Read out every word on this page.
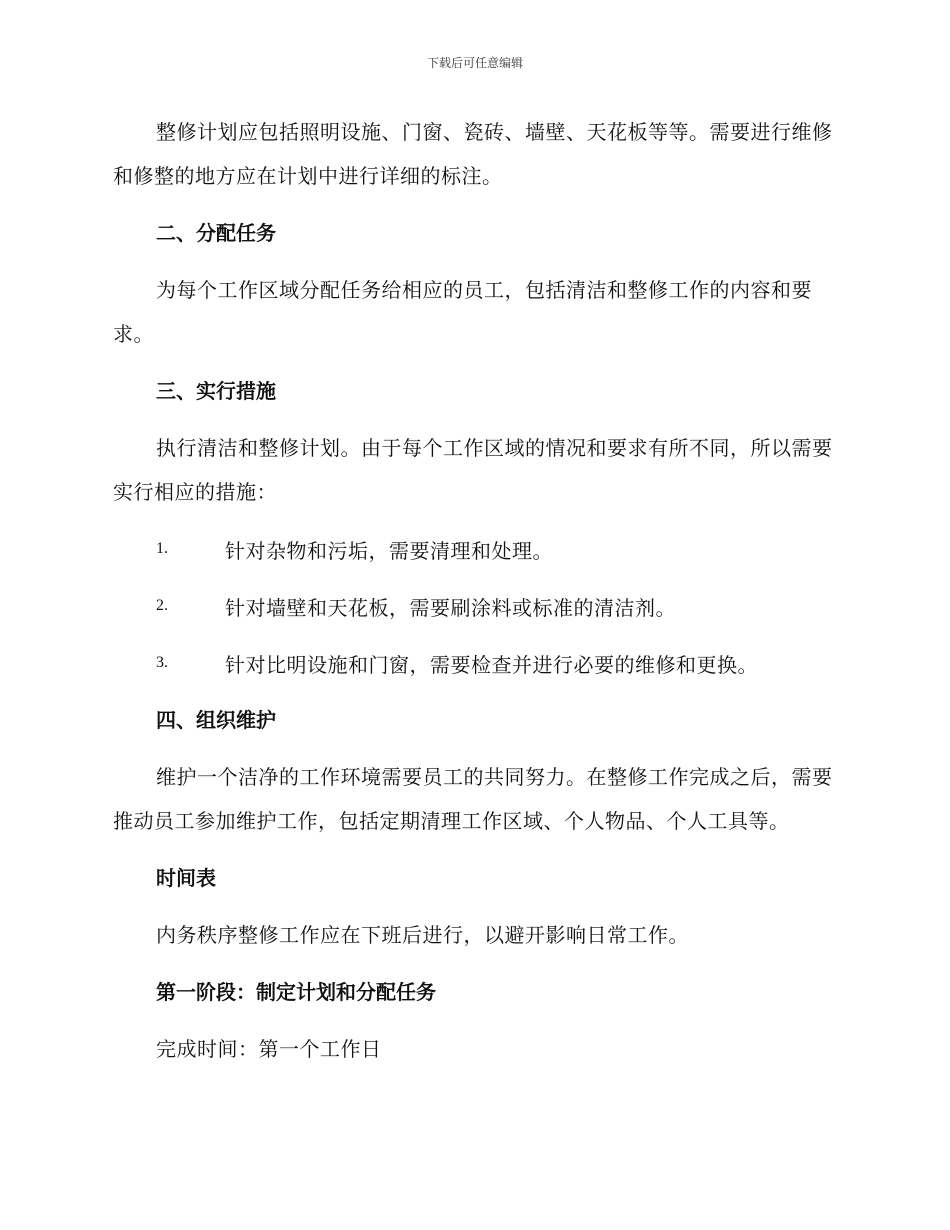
下载后可任意编辑

整修计划应包括照明设施、门窗、瓷砖、墙壁、天花板等等。需要进行维修和修整的地方应在计划中进行详细的标注。

二、分配任务

为每个工作区域分配任务给相应的员工，包括清洁和整修工作的内容和要求。

三、实行措施

执行清洁和整修计划。由于每个工作区域的情况和要求有所不同，所以需要实行相应的措施：

1.	针对杂物和污垢，需要清理和处理。
2.	针对墙壁和天花板，需要刷涂料或标准的清洁剂。
3.	针对比明设施和门窗，需要检查并进行必要的维修和更换。
四、组织维护

维护一个洁净的工作环境需要员工的共同努力。在整修工作完成之后，需要推动员工参加维护工作，包括定期清理工作区域、个人物品、个人工具等。

时间表
内务秩序整修工作应在下班后进行，以避开影响日常工作。
第一阶段：制定计划和分配任务
完成时间：第一个工作日
